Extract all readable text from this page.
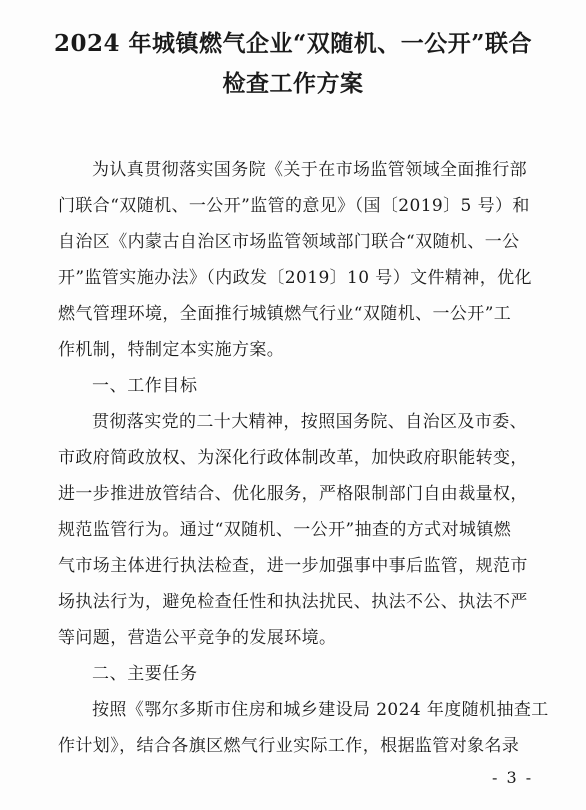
2024 年城镇燃气企业“双随机、一公开”联合
检查工作方案
为认真贯彻落实国务院《关于在市场监管领域全面推行部
门联合“双随机、一公开”监管的意见》（国〔2019〕5 号）和
自治区《内蒙古自治区市场监管领域部门联合“双随机、一公
开”监管实施办法》（内政发〔2019〕10 号）文件精神，优化
燃气管理环境，全面推行城镇燃气行业“双随机、一公开”工
作机制，特制定本实施方案。
一、工作目标
贯彻落实党的二十大精神，按照国务院、自治区及市委、
市政府简政放权、为深化行政体制改革，加快政府职能转变，
进一步推进放管结合、优化服务，严格限制部门自由裁量权，
规范监管行为。通过“双随机、一公开”抽查的方式对城镇燃
气市场主体进行执法检查，进一步加强事中事后监管，规范市
场执法行为，避免检查任性和执法扰民、执法不公、执法不严
等问题，营造公平竞争的发展环境。
二、主要任务
按照《鄂尔多斯市住房和城乡建设局 2024 年度随机抽查工
作计划》，结合各旗区燃气行业实际工作，根据监管对象名录
- 3 -
